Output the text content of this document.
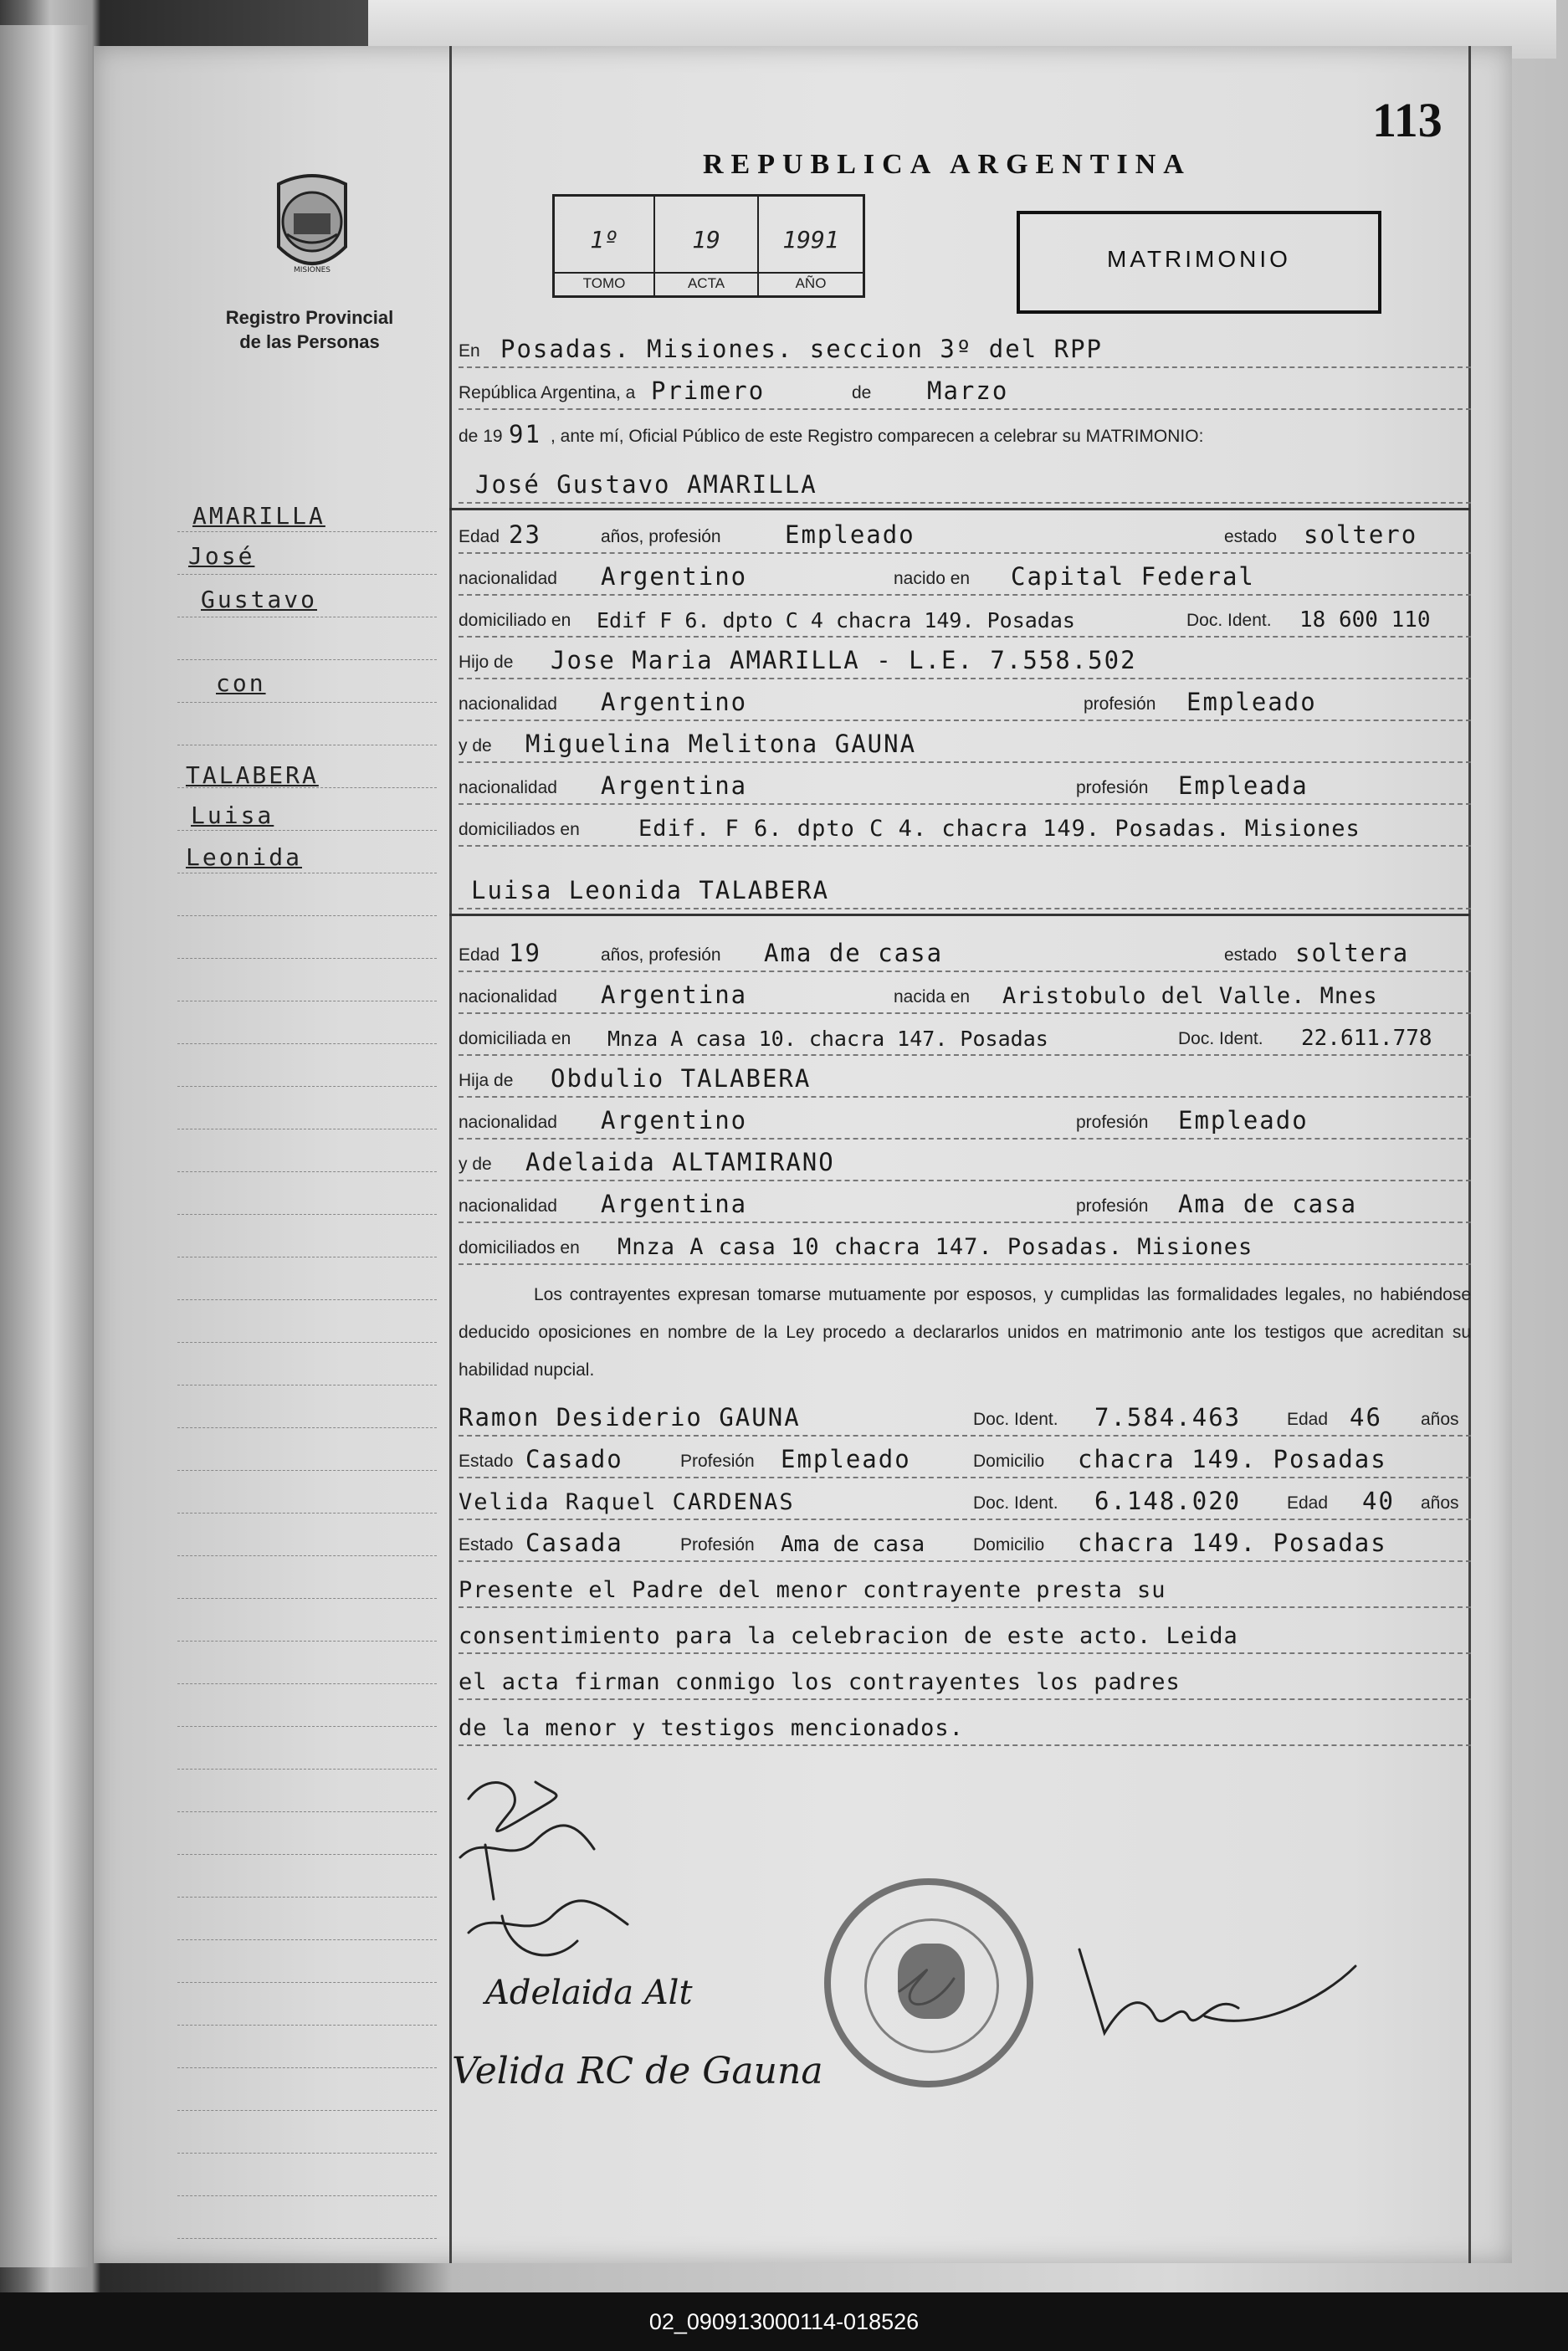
113
REPUBLICA ARGENTINA
MISIONES
Registro Provincial
de las Personas
1º
TOMO
19
ACTA
1991
AÑO
MATRIMONIO
AMARILLA
José
Gustavo
con
TALABERA
Luisa
Leonida
En Posadas. Misiones. seccion 3º del RPP
República Argentina, a Primero	de Marzo
de 19 91 , ante mí, Oficial Público de este Registro comparecen a celebrar su MATRIMONIO:
José Gustavo AMARILLA
Edad 23	años, profesión	Empleado	estado soltero
nacionalidad Argentino	nacido en Capital Federal
domiciliado en Edif F 6. dpto C 4 chacra 149. Posadas	Doc. Ident. 18 600 110
Hijo de Jose Maria AMARILLA - L.E. 7.558.502
nacionalidad Argentino	profesión Empleado
y de Miguelina Melitona GAUNA
nacionalidad Argentina	profesión Empleada
domiciliados en	Edif. F 6. dpto C 4. chacra 149. Posadas. Misiones
Luisa Leonida TALABERA
Edad 19	años, profesión Ama de casa	estado soltera
nacionalidad Argentina	nacida en Aristobulo del Valle. Mnes
domiciliada en Mnza A casa 10. chacra 147. Posadas	Doc. Ident. 22.611.778
Hija de Obdulio TALABERA
nacionalidad Argentino	profesión Empleado
y de Adelaida ALTAMIRANO
nacionalidad Argentina	profesión Ama de casa
domiciliados en Mnza A casa 10 chacra 147. Posadas. Misiones
Los contrayentes expresan tomarse mutuamente por esposos, y cumplidas las formalidades legales, no habiéndose deducido oposiciones en nombre de la Ley procedo a declararlos unidos en matrimonio ante los testigos que acreditan su habilidad nupcial.
Ramon Desiderio GAUNA	Doc. Ident. 7.584.463	Edad 46 años
Estado Casado	Profesión Empleado	Domicilio chacra 149. Posadas
Velida Raquel CARDENAS	Doc. Ident. 6.148.020	Edad 40 años
Estado Casada	Profesión Ama de casa	Domicilio chacra 149. Posadas
Presente el Padre del menor contrayente presta su
consentimiento para la celebracion de este acto. Leida
el acta firman conmigo los contrayentes los padres
de la menor y testigos mencionados.
Adelaida Alt
Velida RC de Gauna
02_090913000114-018526
